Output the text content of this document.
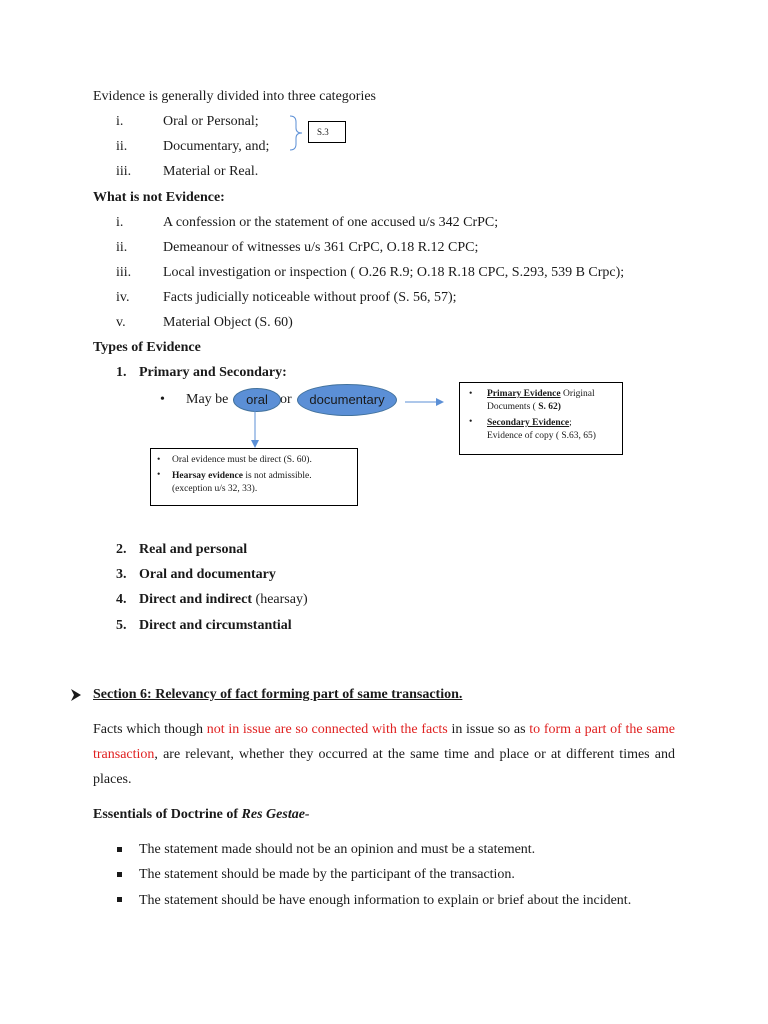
Evidence is generally divided into three categories
i.	Oral or Personal;
ii.	Documentary, and;
iii. Material or Real.
S.3
What is not Evidence:
i.	A confession or the statement of one accused u/s 342 CrPC;
ii.	Demeanour of witnesses u/s 361 CrPC, O.18 R.12 CPC;
iii. Local investigation or inspection ( O.26 R.9; O.18 R.18 CPC, S.293, 539 B Crpc);
iv. Facts judicially noticeable without proof (S. 56, 57);
v.	Material Object (S. 60)
Types of Evidence
1. Primary and Secondary:
• May be	oral or	documentary	• Primary Evidence Original
Documents ( S. 62)
• Secondary Evidence;
Evidence of copy ( S.63, 65)
• Oral evidence must be direct (S. 60).
• Hearsay evidence is not admissible.
(exception u/s 32, 33).
2. Real and personal
3. Oral and documentary
4. Direct and indirect (hearsay)
5. Direct and circumstantial
Section 6: Relevancy of fact forming part of same transaction.
Facts which though not in issue are so connected with the facts in issue so as to form a part of the same transaction, are relevant, whether they occurred at the same time and place or at different times and places.
Essentials of Doctrine of Res Gestae-
The statement made should not be an opinion and must be a statement.
The statement should be made by the participant of the transaction.
The statement should be have enough information to explain or brief about the incident.
